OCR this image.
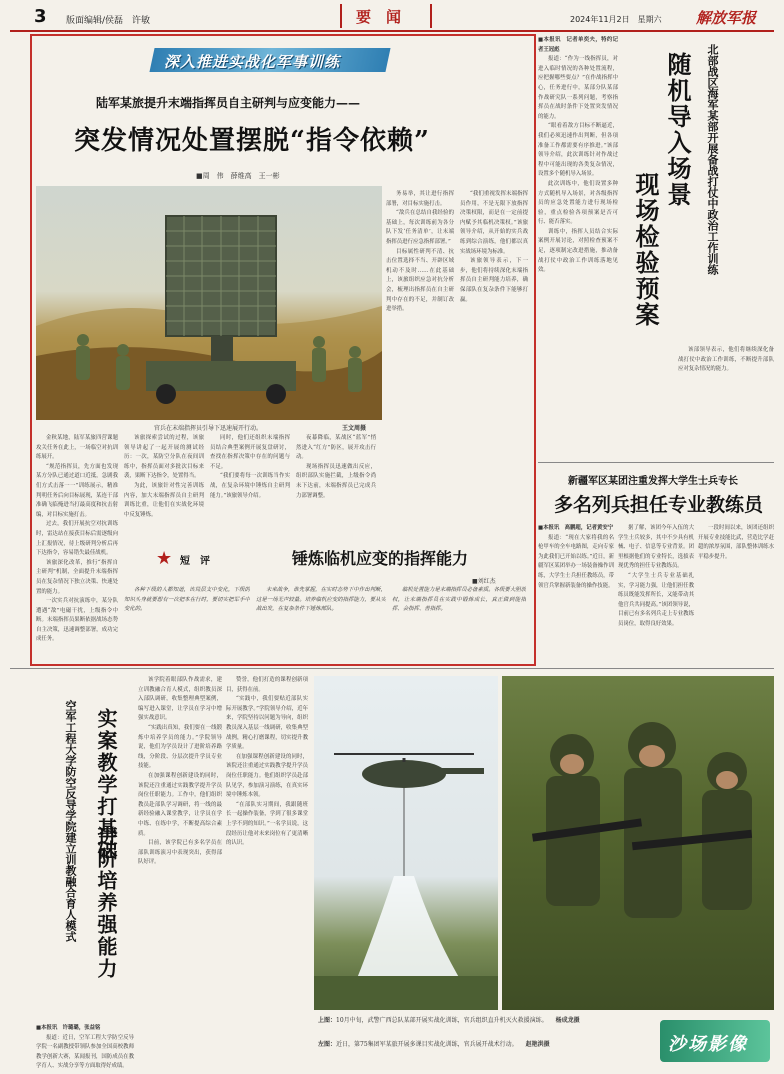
3 版面编辑/侯磊　许敏	要　闻	2024年11月2日　星期六 解放军报
深入推进实战化军事训练
陆军某旅提升末端指挥员自主研判与应变能力——
突发情况处置摆脱“指令依赖”
■周　伟　薛维高　王一彬
官兵在末端指挥员引导下迅速展开行动。	王文周摄

金秋某地，陆军某旅四营课题攻关任务在此上，一场临空对抗训练展开。

“规范指挥员，先方面也发现某方分队已通过道口近抵，急剧我们方式击落一一”训练展示，精准判明任务后向目标展现，某连干部准确飞临掩进当打最高度和抗击射编，对目标实施打击。

过去，我们开展抗空对抗训练时，雷达站在接获目标后需逐级向上汇报情况，待上级研判分析后再下达指令，容易错失最佳战机。

该旅深化改革，推行“指挥自主研判”机制，全面提升末端指挥员在复杂情况下独立决策、快速处置的能力。

一次实兵对抗演练中，某分队遭遇“敌”电磁干扰，上级指令中断。末端指挥员果断依据战场态势自主决策，迅速调整部署，成功完成任务。

该旅探索尝试的过程，该旅领导讲起了一起开展的测试经历：一次，某防空分队在夜间训练中，指挥员面对多批次目标来袭，果断下达指令，处置得当。

为此，该旅针对性完善训练内容，加大末端指挥员自主研判训练比重，让他们在实战化环境中反复锤炼。

同时，他们还组织末端指挥员结合典型案例开展复盘研讨，查找在指挥决策中存在的问题与不足。

“我们要将每一次训练当作实战，在复杂环境中锤炼自主研判能力。”该旅领导介绍。

夜幕降临，某战区“蓝军”悄然进入“红方”防区，展开攻击行动。

现场指挥员迅速做出反应，组织部队实施拦截，上级指令尚未下达前，末端指挥员已完成兵力部署调整。

务易举，其让进行指挥部署，对目标实施打击。

“敌兵在总结自我经验的基础上，每次训练前为各分队下发‘任务清单’，让末端指挥员进行应急指挥部署。”

目标属性研判不清、抗击位置选择不当、开辟区域机动不及时……在此基础上，该旅组织应急对抗分析会，梳理出指挥员在自主研判中存在的不足，并制订改进举措。

“我们重视发挥末端指挥员作用，不是无限下放指挥决策权限，而是在一定前提内赋予其临机决策权。”该旅领导介绍，从开始的实兵战练到综合演练，他们都以真实战场环境为标准。

该旅领导表示，下一步，他们将持续深化末端指挥员自主研判能力培养，确保部队在复杂条件下能够打赢。

★ 短　评	锤炼临机应变的指挥能力
■刘红杰

各种下级的人都知道，该局层支中变化，下级的知识头身就要想有一次把本在行时，要切实把军手中变化的。

未来战争，谁先掌握，在实时态势下中作出判断，这是一场无声较量。培养临机应变的指挥能力，要从实战出发，在复杂条件下锤炼部队。

临机处置能力是末端指挥员必备素质。各级要大胆放权，让末端指挥员在实践中锻炼成长，真正做到能指挥、会指挥、善指挥。

■本报讯　记者单奕夫，特约记者王冠彪

报道：“作为一线指挥员，对进入临时情况的各种处置流程，应把握哪些要点？”在作战指挥中心，任务进行中，某部分队某部作战研究队一系列问题，考察指挥员在战时条件下处置突发情况的能力。

“眼看着敌方目标不断逼近，我们必须迅速作出判断，但各项准备工作都需要有序推进。”该部领导介绍，此次训练针对作战过程中可能出现的各类复杂情况，设置多个随机导入场景。

此次训练中，他们设置多种方式随机导入场景，对各级指挥员的应急处置能力进行现场检验，重点检验各项预案是否可行、能否落实。

训练中，指挥人员结合实际案例开展讨论，对照检查预案不足，逐项制定改进措施，推动备战打仗中政治工作训练落地见效。

随机导入场景
现场检验预案	北部战区海军某部开展备战打仗中政治工作训练

该部领导表示，他们将继续深化备战打仗中政治工作训练，不断提升部队应对复杂情况的能力。

新疆军区某团注重发挥大学生士兵专长
多名列兵担任专业教练员

■本报讯　高鹏超，记者黄安宁

报道：“现在大家将我的名枪甲车的全车电路图，走向专家为此我们已开始以练。”近日，新疆军区某团举办一场装备操作训练，大学生士兵担任教练员，带领官兵掌握新装备的操作技能。

据了解，该团今年入伍的大学生士兵较多，其中不少具有机械、电子、信息等专业背景。团里根据他们的专业特长，选拔表现优秀的担任专业教练员。

“大学生士兵专业基础扎实，学习能力强，让他们担任教练员既能发挥所长，又能带动其他官兵共同提高。”该团领导说，目前已有多名列兵走上专业教练员岗位，取得良好效果。

一段时间以来，该团还组织开展专业技能比武，营造比学赶超的浓厚氛围，部队整体训练水平稳步提升。

空军工程大学防空反导学院建立训教融合育人模式 实案教学打基础
进阶培养强能力

■本报讯　许璐璐，张益铭

报道：近日，空军工程大学防空反导学院一名副教授带领队参加全国高校教师教学创新大赛，某闻报刊，国防成员在教学育人、实战分享等方面取得好成绩。

该学院着眼部队作战需求，建立训教融合育人模式，组织教员深入部队调研，收集整理典型案例，编写进入课堂，让学员在学习中增强实战意识。

“实践出真知，我们要在一线锻炼中培养学员的能力。”学院领导说，他们为学员设计了进阶培养路线，分阶段、分层次提升学员专业技能。

在加强课程创新建设的同时，该院还注重通过实践教学提升学员岗位任职能力。工作中，他们组织教员赴部队学习调研，将一线的最新经验融入课堂教学，让学员在学中练、在练中学，不断提高综合素质。

目前，该学院已有多名学员在部队训练演习中表现突出，获得部队好评。

赞誉，他们打造的课程创新项目，获得在前。

“实践中，我们要贴近部队实际开展教学。”学院领导介绍，近年来，学院坚持以问题为导向，组织教员深入基层一线调研，收集典型战例，精心打磨课程，切实提升教学质量。

在加强课程创新建设的同时，该院还注重通过实践教学提升学员岗位任职能力。他们组织学员赴部队见学，参加演习演练，在真实环境中锤炼本领。

“在部队实习期间，我跟随班长一起操作装备，学到了很多课堂上学不到的知识。”一名学员说，这段经历让他对未来岗位有了更清晰的认识。

上图：10月中旬，武警广西总队某部开展实战化训练，官兵组织直升机灭火救援演练。 杨成龙摄
左图：近日，第75集团军某旅开展多课目实战化训练，官兵展开战术行动。 赵艳洪摄	沙场影像
